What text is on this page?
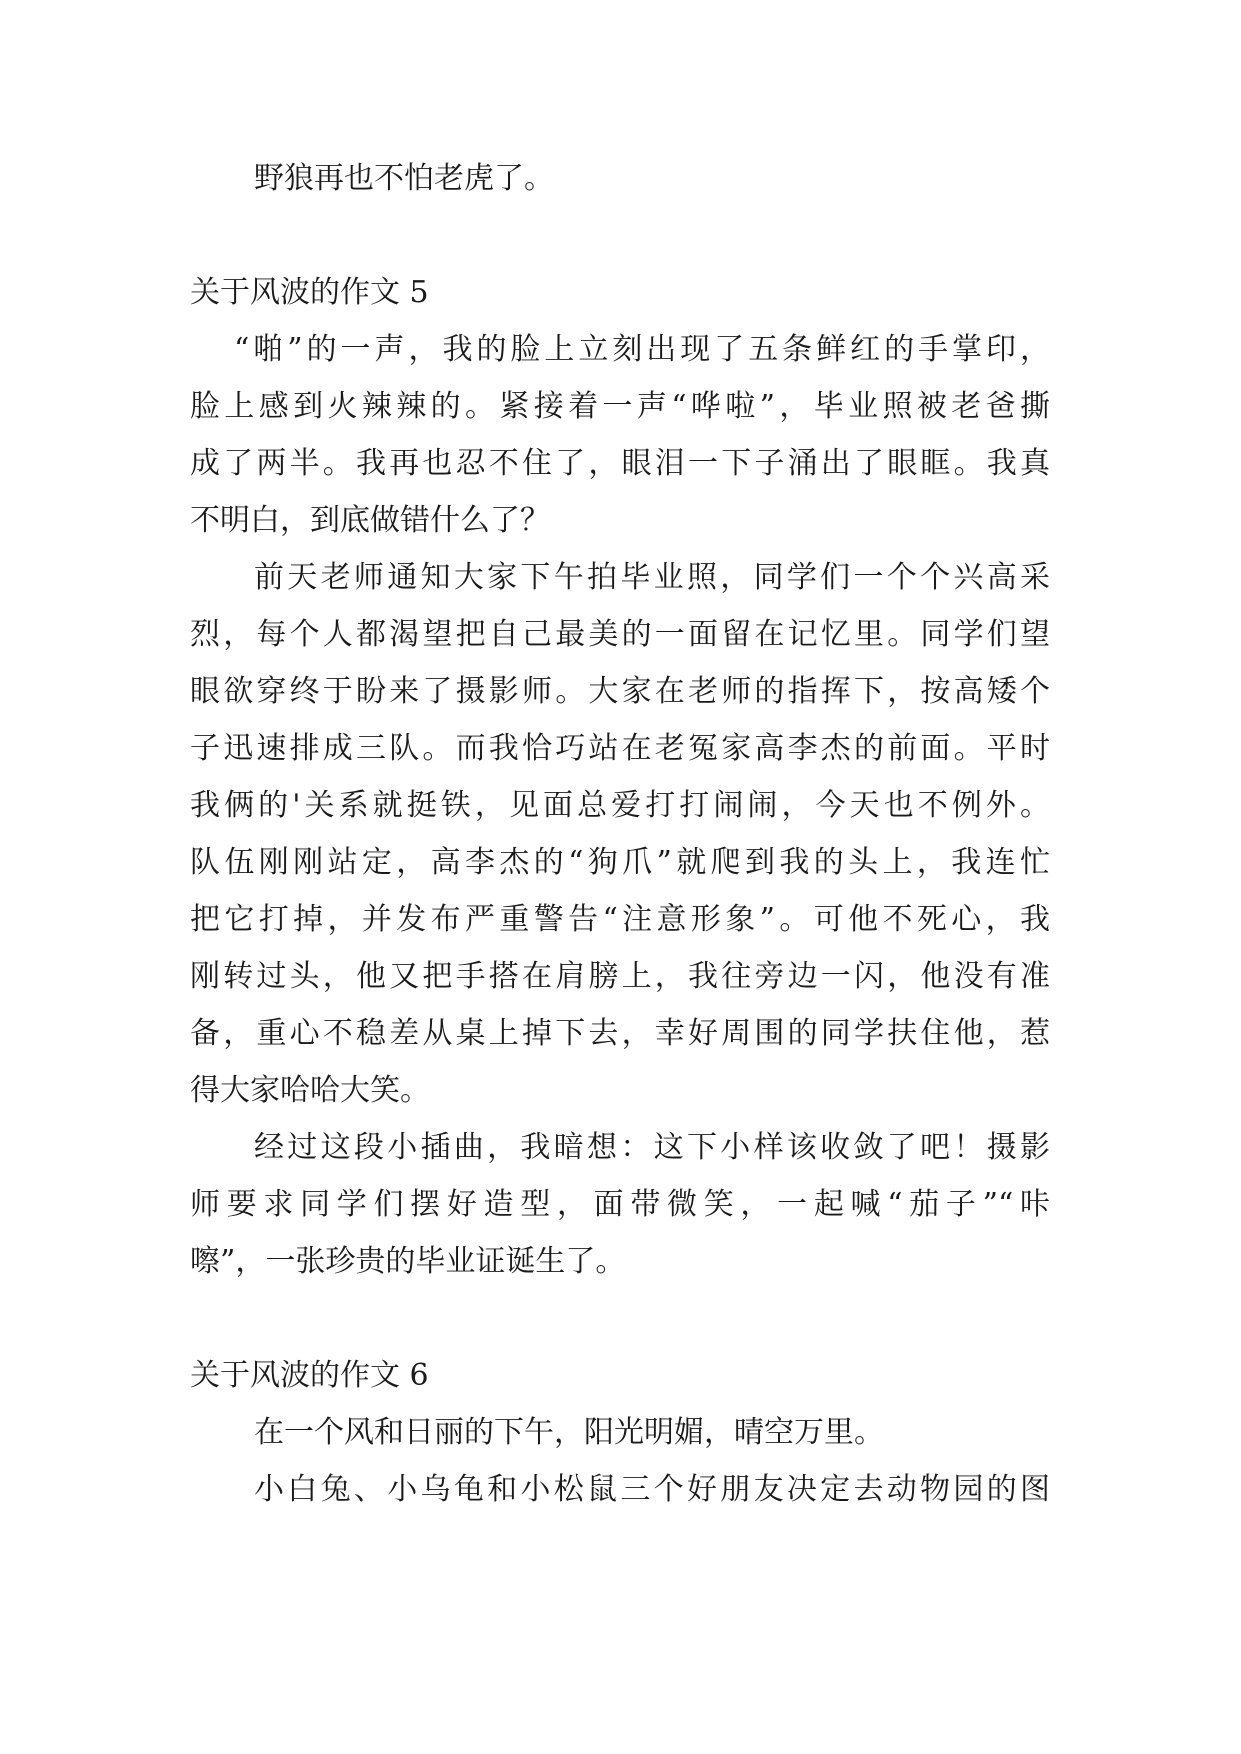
野狼再也不怕老虎了。

关于风波的作文 5

“啪”的一声，我的脸上立刻出现了五条鲜红的手掌印，

脸上感到火辣辣的。紧接着一声“哗啦”，毕业照被老爸撕

成了两半。我再也忍不住了，眼泪一下子涌出了眼眶。我真

不明白，到底做错什么了？

前天老师通知大家下午拍毕业照，同学们一个个兴高采

烈，每个人都渴望把自己最美的一面留在记忆里。同学们望

眼欲穿终于盼来了摄影师。大家在老师的指挥下，按高矮个

子迅速排成三队。而我恰巧站在老冤家高李杰的前面。平时

我俩的'关系就挺铁，见面总爱打打闹闹，今天也不例外。

队伍刚刚站定，高李杰的“狗爪”就爬到我的头上，我连忙

把它打掉，并发布严重警告“注意形象”。可他不死心，我

刚转过头，他又把手搭在肩膀上，我往旁边一闪，他没有准

备，重心不稳差从桌上掉下去，幸好周围的同学扶住他，惹

得大家哈哈大笑。

经过这段小插曲，我暗想：这下小样该收敛了吧！摄影

师要求同学们摆好造型，面带微笑，一起喊“茄子”“咔

嚓”，一张珍贵的毕业证诞生了。

关于风波的作文 6

在一个风和日丽的下午，阳光明媚，晴空万里。

小白兔、小乌龟和小松鼠三个好朋友决定去动物园的图
